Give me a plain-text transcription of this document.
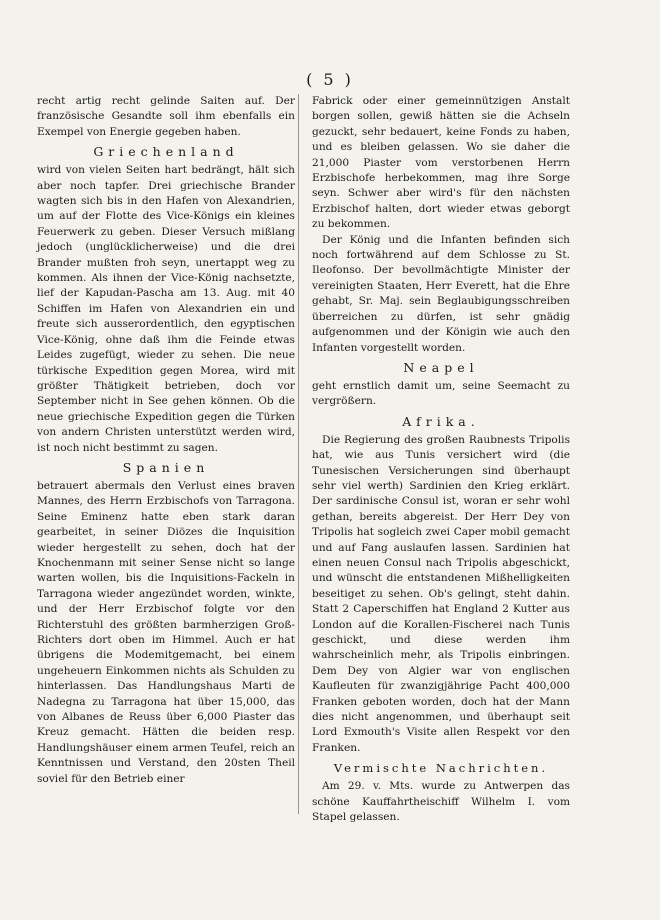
( 5 )

recht artig recht gelinde Saiten auf. Der französische Gesandte soll ihm ebenfalls ein Exempel von Energie gegeben haben.

Griechenland

wird von vielen Seiten hart bedrängt, hält sich aber noch tapfer. Drei griechische Brander wagten sich bis in den Hafen von Alexandrien, um auf der Flotte des Vice-Königs ein kleines Feuerwerk zu geben. Dieser Versuch mißlang jedoch (unglücklicherweise) und die drei Brander mußten froh seyn, unertappt weg zu kommen. Als ihnen der Vice-König nachsetzte, lief der Kapudan-Pascha am 13. Aug. mit 40 Schiffen im Hafen von Alexandrien ein und freute sich ausserordentlich, den egyptischen Vice-König, ohne daß ihm die Feinde etwas Leides zugefügt, wieder zu sehen. Die neue türkische Expedition gegen Morea, wird mit größter Thätigkeit betrieben, doch vor September nicht in See gehen können. Ob die neue griechische Expedition gegen die Türken von andern Christen unterstützt werden wird, ist noch nicht bestimmt zu sagen.

Spanien

betrauert abermals den Verlust eines braven Mannes, des Herrn Erzbischofs von Tarragona. Seine Eminenz hatte eben stark daran gearbeitet, in seiner Diözes die Inquisition wieder hergestellt zu sehen, doch hat der Knochenmann mit seiner Sense nicht so lange warten wollen, bis die Inquisitions-Fackeln in Tarragona wieder angezündet worden, winkte, und der Herr Erzbischof folgte vor den Richterstuhl des größten barmherzigen Groß-Richters dort oben im Himmel. Auch er hat übrigens die Modemitgemacht, bei einem ungeheuern Einkommen nichts als Schulden zu hinterlassen. Das Handlungshaus Marti de Nadegna zu Tarragona hat über 15,000, das von Albanes de Reuss über 6,000 Piaster das Kreuz gemacht. Hätten die beiden resp. Handlungshäuser einem armen Teufel, reich an Kenntnissen und Verstand, den 20sten Theil soviel für den Betrieb einer

Fabrick oder einer gemeinnützigen Anstalt borgen sollen, gewiß hätten sie die Achseln gezuckt, sehr bedauert, keine Fonds zu haben, und es bleiben gelassen. Wo sie daher die 21,000 Piaster vom verstorbenen Herrn Erzbischofe herbekommen, mag ihre Sorge seyn. Schwer aber wird's für den nächsten Erzbischof halten, dort wieder etwas geborgt zu bekommen.

Der König und die Infanten befinden sich noch fortwährend auf dem Schlosse zu St. Ileofonso. Der bevollmächtigte Minister der vereinigten Staaten, Herr Everett, hat die Ehre gehabt, Sr. Maj. sein Beglaubigungsschreiben überreichen zu dürfen, ist sehr gnädig aufgenommen und der Königin wie auch den Infanten vorgestellt worden.

Neapel

geht ernstlich damit um, seine Seemacht zu vergrößern.

Afrika.

Die Regierung des großen Raubnests Tripolis hat, wie aus Tunis versichert wird (die Tunesischen Versicherungen sind überhaupt sehr viel werth) Sardinien den Krieg erklärt. Der sardinische Consul ist, woran er sehr wohl gethan, bereits abgereist. Der Herr Dey von Tripolis hat sogleich zwei Caper mobil gemacht und auf Fang auslaufen lassen. Sardinien hat einen neuen Consul nach Tripolis abgeschickt, und wünscht die entstandenen Mißhelligkeiten beseitiget zu sehen. Ob's gelingt, steht dahin. Statt 2 Caperschiffen hat England 2 Kutter aus London auf die Korallen-Fischerei nach Tunis geschickt, und diese werden ihm wahrscheinlich mehr, als Tripolis einbringen. Dem Dey von Algier war von englischen Kaufleuten für zwanzigjährige Pacht 400,000 Franken geboten worden, doch hat der Mann dies nicht angenommen, und überhaupt seit Lord Exmouth's Visite allen Respekt vor den Franken.

Vermischte Nachrichten.

Am 29. v. Mts. wurde zu Antwerpen das schöne Kauffahrtheischiff Wilhelm I. vom Stapel gelassen.
